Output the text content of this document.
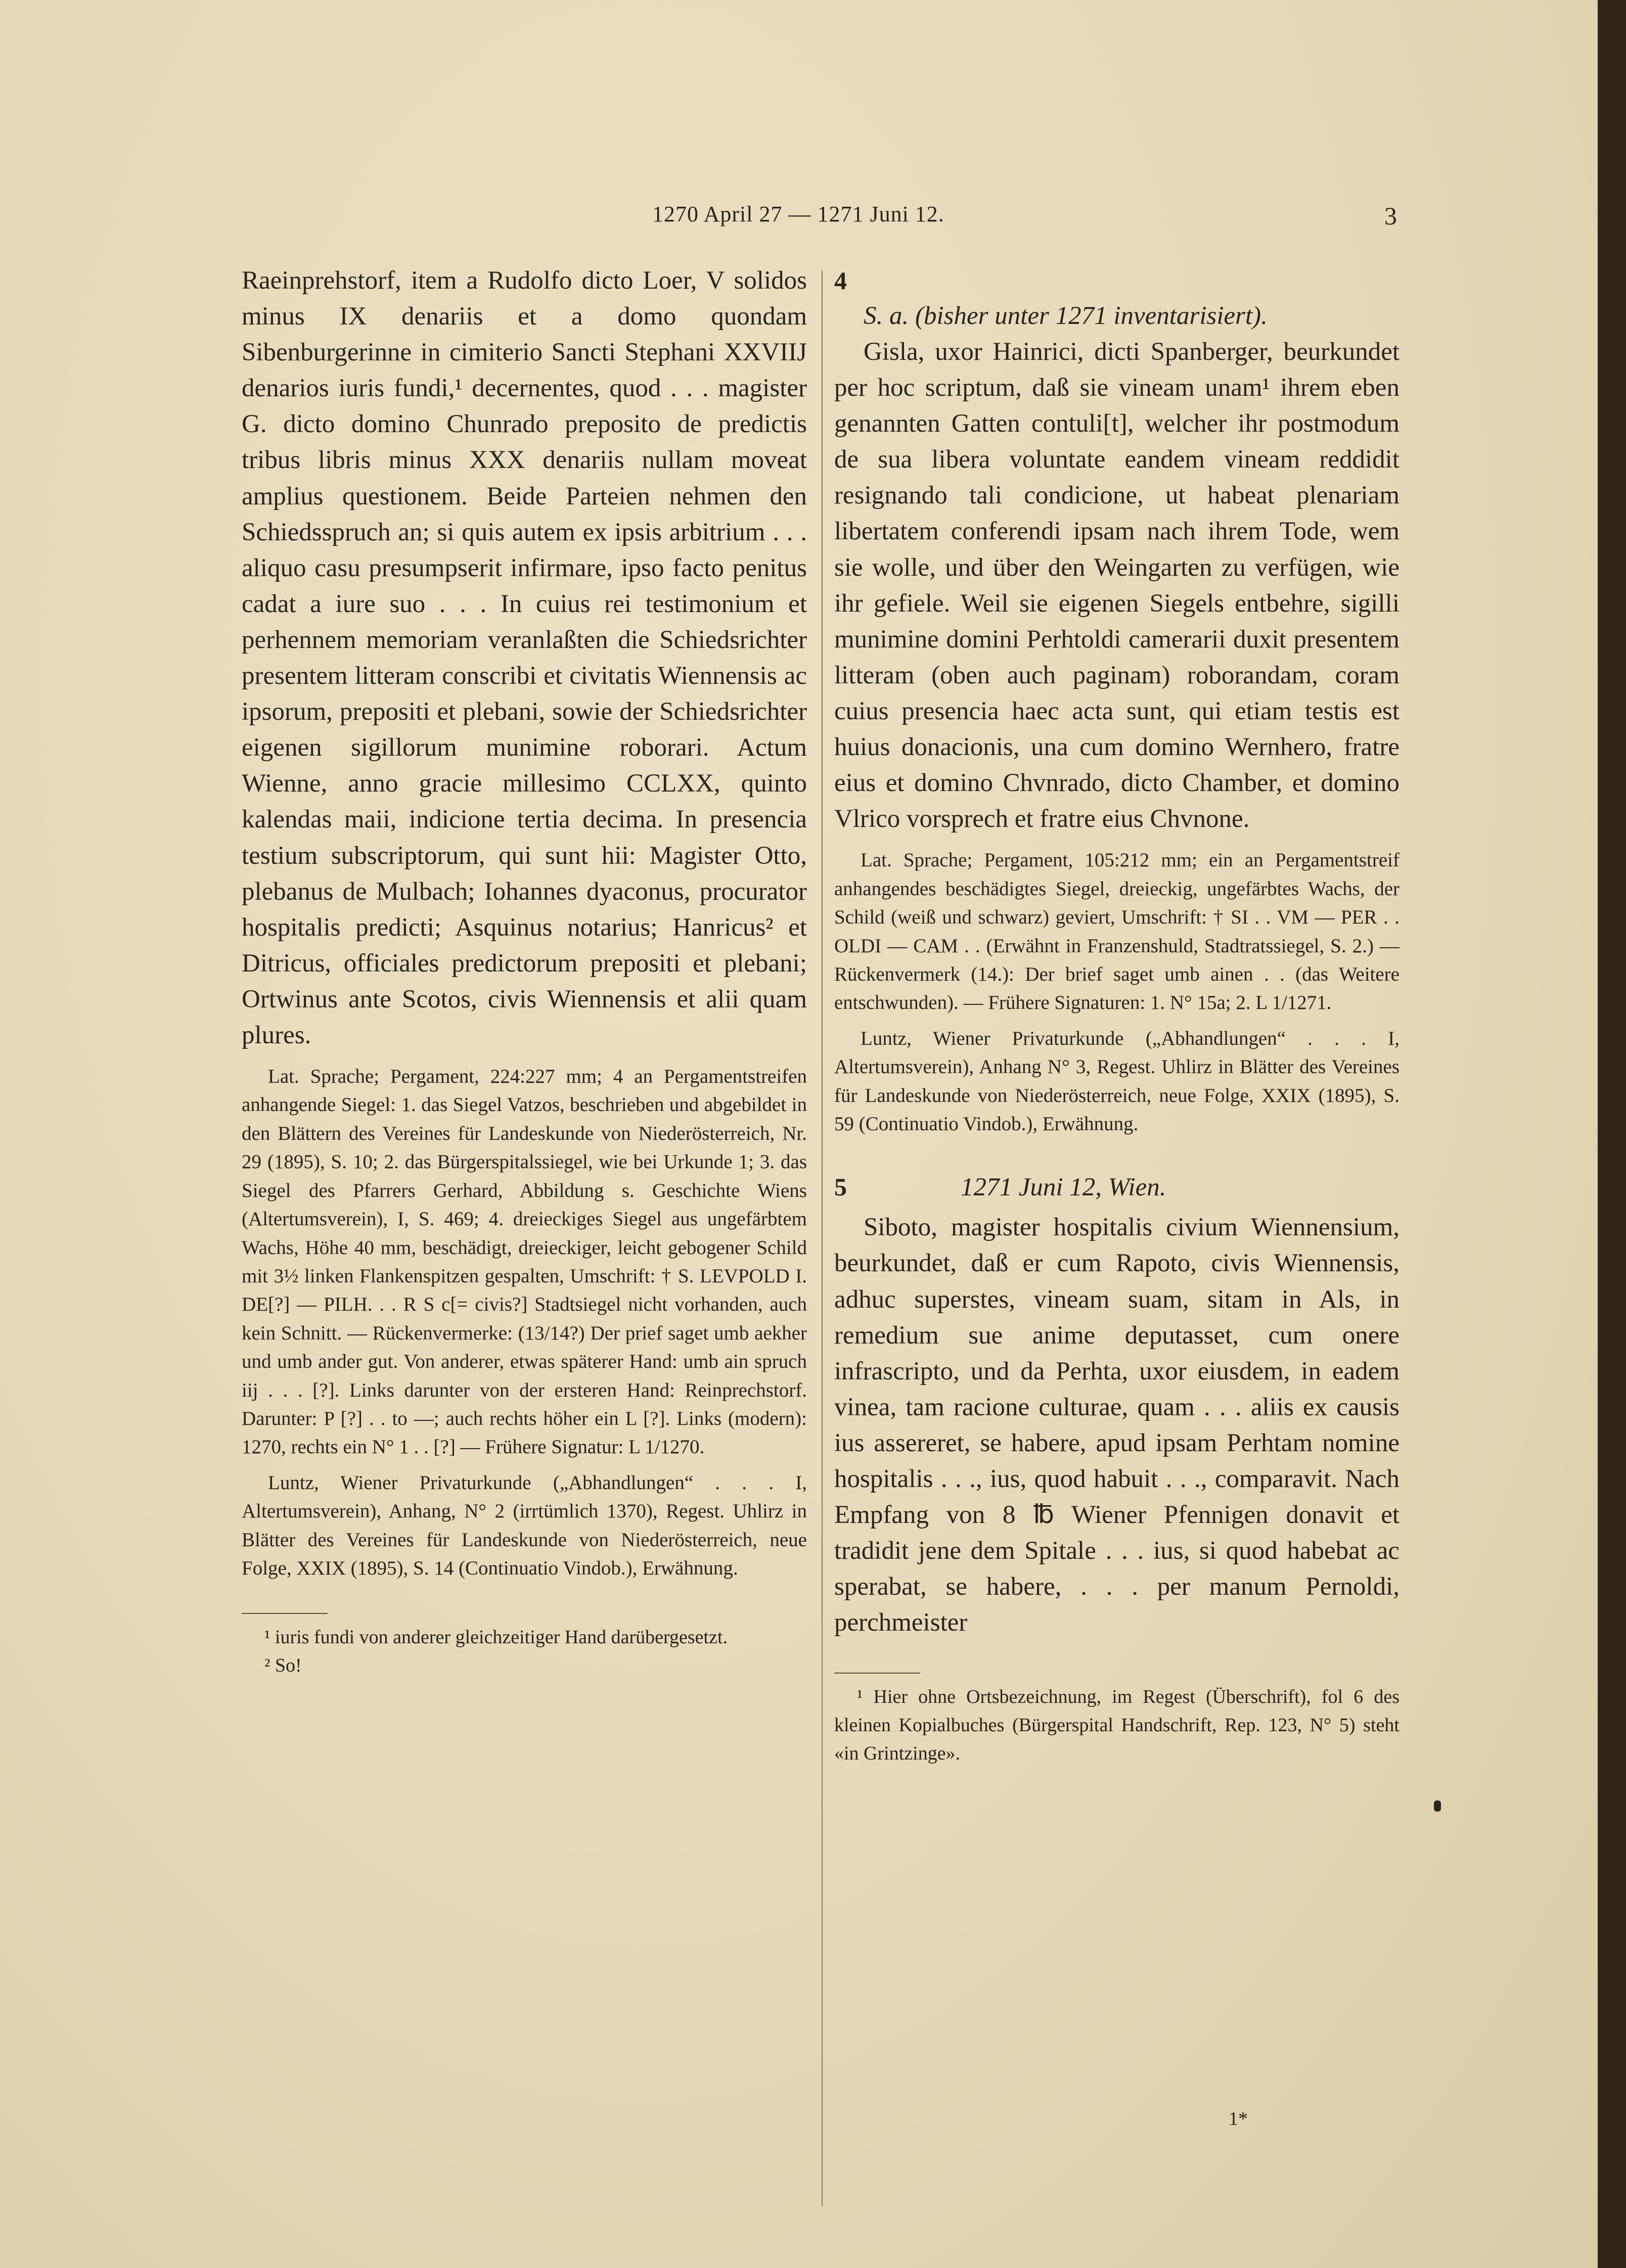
1270 April 27 — 1271 Juni 12.	3

Raeinprehstorf, item a Rudolfo dicto Loer, V solidos minus IX denariis et a domo quondam Sibenburgerinne in cimiterio Sancti Stephani XXVIIJ denarios iuris fundi,¹ decernentes, quod . . . magister G. dicto domino Chunrado preposito de predictis tribus libris minus XXX denariis nullam moveat amplius questionem. Beide Parteien nehmen den Schiedsspruch an; si quis autem ex ipsis arbitrium . . . aliquo casu presumpserit infirmare, ipso facto penitus cadat a iure suo . . . In cuius rei testimonium et perhennem memoriam veranlaßten die Schiedsrichter presentem litteram conscribi et civitatis Wiennensis ac ipsorum, prepositi et plebani, sowie der Schiedsrichter eigenen sigillorum munimine roborari. Actum Wienne, anno gracie millesimo CCLXX, quinto kalendas maii, indicione tertia decima. In presencia testium subscriptorum, qui sunt hii: Magister Otto, plebanus de Mulbach; Iohannes dyaconus, procurator hospitalis predicti; Asquinus notarius; Hanricus² et Ditricus, officiales predictorum prepositi et plebani; Ortwinus ante Scotos, civis Wiennensis et alii quam plures.

Lat. Sprache; Pergament, 224:227 mm; 4 an Pergamentstreifen anhangende Siegel: 1. das Siegel Vatzos, beschrieben und abgebildet in den Blättern des Vereines für Landeskunde von Niederösterreich, Nr. 29 (1895), S. 10; 2. das Bürgerspitalssiegel, wie bei Urkunde 1; 3. das Siegel des Pfarrers Gerhard, Abbildung s. Geschichte Wiens (Altertumsverein), I, S. 469; 4. dreieckiges Siegel aus ungefärbtem Wachs, Höhe 40 mm, beschädigt, dreieckiger, leicht gebogener Schild mit 3½ linken Flankenspitzen gespalten, Umschrift: † S. LEVPOLD I. DE[?] — PILH. . . R S c[= civis?] Stadtsiegel nicht vorhanden, auch kein Schnitt. — Rückenvermerke: (13/14?) Der prief saget umb aekher und umb ander gut. Von anderer, etwas späterer Hand: umb ain spruch iij . . . [?]. Links darunter von der ersteren Hand: Reinprechstorf. Darunter: P [?] . . to —; auch rechts höher ein L [?]. Links (modern): 1270, rechts ein N° 1 . . [?] — Frühere Signatur: L 1/1270.

Luntz, Wiener Privaturkunde („Abhandlungen“ . . . I, Altertumsverein), Anhang, N° 2 (irrtümlich 1370), Regest. Uhlirz in Blätter des Vereines für Landeskunde von Niederösterreich, neue Folge, XXIX (1895), S. 14 (Continuatio Vindob.), Erwähnung.

¹ iuris fundi von anderer gleichzeitiger Hand darübergesetzt.

² So!

4
S. a. (bisher unter 1271 inventarisiert).

Gisla, uxor Hainrici, dicti Spanberger, beurkundet per hoc scriptum, daß sie vineam unam¹ ihrem eben genannten Gatten contuli[t], welcher ihr postmodum de sua libera voluntate eandem vineam reddidit resignando tali condicione, ut habeat plenariam libertatem conferendi ipsam nach ihrem Tode, wem sie wolle, und über den Weingarten zu verfügen, wie ihr gefiele. Weil sie eigenen Siegels entbehre, sigilli munimine domini Perhtoldi camerarii duxit presentem litteram (oben auch paginam) roborandam, coram cuius presencia haec acta sunt, qui etiam testis est huius donacionis, una cum domino Wernhero, fratre eius et domino Chvnrado, dicto Chamber, et domino Vlrico vorsprech et fratre eius Chvnone.

Lat. Sprache; Pergament, 105:212 mm; ein an Pergamentstreif anhangendes beschädigtes Siegel, dreieckig, ungefärbtes Wachs, der Schild (weiß und schwarz) geviert, Umschrift: † SI . . VM — PER . . OLDI — CAM . . (Erwähnt in Franzenshuld, Stadtratssiegel, S. 2.) — Rückenvermerk (14.): Der brief saget umb ainen . . (das Weitere entschwunden). — Frühere Signaturen: 1. N° 15a; 2. L 1/1271.

Luntz, Wiener Privaturkunde („Abhandlungen“ . . . I, Altertumsverein), Anhang N° 3, Regest. Uhlirz in Blätter des Vereines für Landeskunde von Niederösterreich, neue Folge, XXIX (1895), S. 59 (Continuatio Vindob.), Erwähnung.

5	1271 Juni 12, Wien.

Siboto, magister hospitalis civium Wiennensium, beurkundet, daß er cum Rapoto, civis Wiennensis, adhuc superstes, vineam suam, sitam in Als, in remedium sue anime deputasset, cum onere infrascripto, und da Perhta, uxor eiusdem, in eadem vinea, tam racione culturae, quam . . . aliis ex causis ius assereret, se habere, apud ipsam Perhtam nomine hospitalis . . ., ius, quod habuit . . ., comparavit. Nach Empfang von 8 ℔ Wiener Pfennigen donavit et tradidit jene dem Spitale . . . ius, si quod habebat ac sperabat, se habere, . . . per manum Pernoldi, perchmeister

¹ Hier ohne Ortsbezeichnung, im Regest (Überschrift), fol 6 des kleinen Kopialbuches (Bürgerspital Handschrift, Rep. 123, N° 5) steht «in Grintzinge».

1*
